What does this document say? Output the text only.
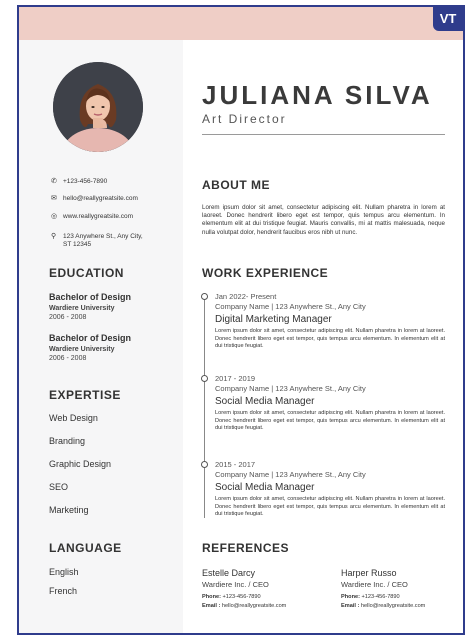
VT
JULIANA SILVA
Art Director
✆ +123-456-7890
✉ hello@reallygreatsite.com
◎ www.reallygreatsite.com
⚲	123 Anywhere St., Any City, ST 12345
EDUCATION
Bachelor of Design
Wardiere University
2006 - 2008
Bachelor of Design
Wardiere University
2006 - 2008
EXPERTISE
Web Design
Branding
Graphic Design
SEO
Marketing
LANGUAGE
English
French
ABOUT ME
Lorem ipsum dolor sit amet, consectetur adipiscing elit. Nullam pharetra in lorem at laoreet. Donec hendrerit libero eget est tempor, quis tempus arcu elementum. In elementum elit at dui tristique feugiat. Mauris convallis, mi at mattis malesuada, neque nulla volutpat dolor, hendrerit faucibus eros nibh ut nunc.
WORK EXPERIENCE
Jan 2022- Present
Company Name | 123 Anywhere St., Any City
Digital Marketing Manager
Lorem ipsum dolor sit amet, consectetur adipiscing elit. Nullam pharetra in lorem at laoreet. Donec hendrerit libero eget est tempor, quis tempus arcu elementum. In elementum elit at dui tristique feugiat.
2017 - 2019
Company Name | 123 Anywhere St., Any City
Social Media Manager
Lorem ipsum dolor sit amet, consectetur adipiscing elit. Nullam pharetra in lorem at laoreet. Donec hendrerit libero eget est tempor, quis tempus arcu elementum. In elementum elit at dui tristique feugiat.
2015 - 2017
Company Name | 123 Anywhere St., Any City
Social Media Manager
Lorem ipsum dolor sit amet, consectetur adipiscing elit. Nullam pharetra in lorem at laoreet. Donec hendrerit libero eget est tempor, quis tempus arcu elementum. In elementum elit at dui tristique feugiat.
REFERENCES
Estelle Darcy
Wardiere Inc. / CEO
Phone: +123-456-7890
Email : hello@reallygreatsite.com
Harper Russo
Wardiere Inc. / CEO
Phone: +123-456-7890
Email : hello@reallygreatsite.com
